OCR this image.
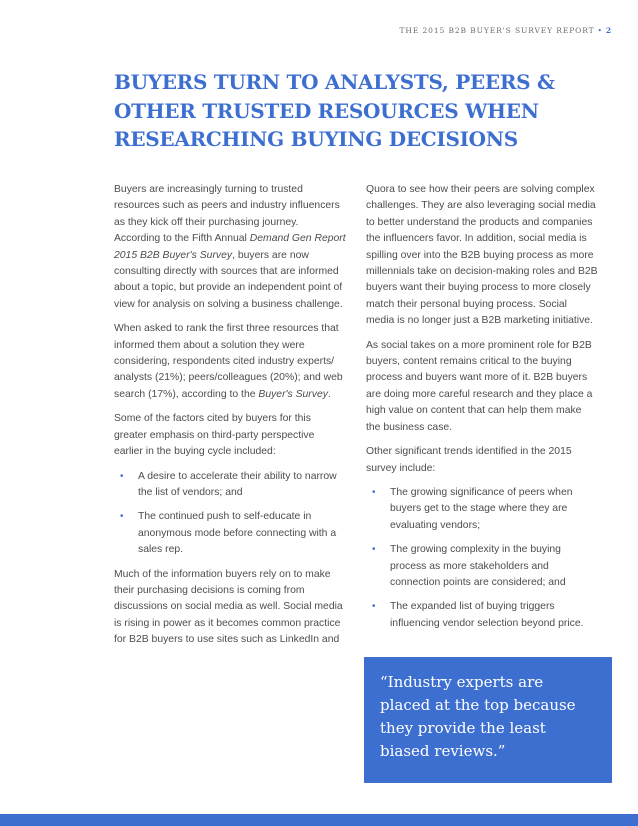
THE 2015 B2B BUYER'S SURVEY REPORT • 2
BUYERS TURN TO ANALYSTS, PEERS & OTHER TRUSTED RESOURCES WHEN RESEARCHING BUYING DECISIONS

Buyers are increasingly turning to trusted resources such as peers and industry influencers as they kick off their purchasing journey. According to the Fifth Annual Demand Gen Report 2015 B2B Buyer's Survey, buyers are now consulting directly with sources that are informed about a topic, but provide an independent point of view for analysis on solving a business challenge.

When asked to rank the first three resources that informed them about a solution they were considering, respondents cited industry experts/ analysts (21%); peers/colleagues (20%); and web search (17%), according to the Buyer's Survey.

Some of the factors cited by buyers for this greater emphasis on third-party perspective earlier in the buying cycle included:

• A desire to accelerate their ability to narrow the list of vendors; and
• The continued push to self-educate in anonymous mode before connecting with a sales rep.

Much of the information buyers rely on to make their purchasing decisions is coming from discussions on social media as well. Social media is rising in power as it becomes common practice for B2B buyers to use sites such as LinkedIn and

Quora to see how their peers are solving complex challenges. They are also leveraging social media to better understand the products and companies the influencers favor. In addition, social media is spilling over into the B2B buying process as more millennials take on decision-making roles and B2B buyers want their buying process to more closely match their personal buying process. Social media is no longer just a B2B marketing initiative.

As social takes on a more prominent role for B2B buyers, content remains critical to the buying process and buyers want more of it. B2B buyers are doing more careful research and they place a high value on content that can help them make the business case.

Other significant trends identified in the 2015 survey include:

• The growing significance of peers when buyers get to the stage where they are evaluating vendors;
• The growing complexity in the buying process as more stakeholders and connection points are considered; and
• The expanded list of buying triggers influencing vendor selection beyond price.

“Industry experts are placed at the top because they provide the least biased reviews.”
